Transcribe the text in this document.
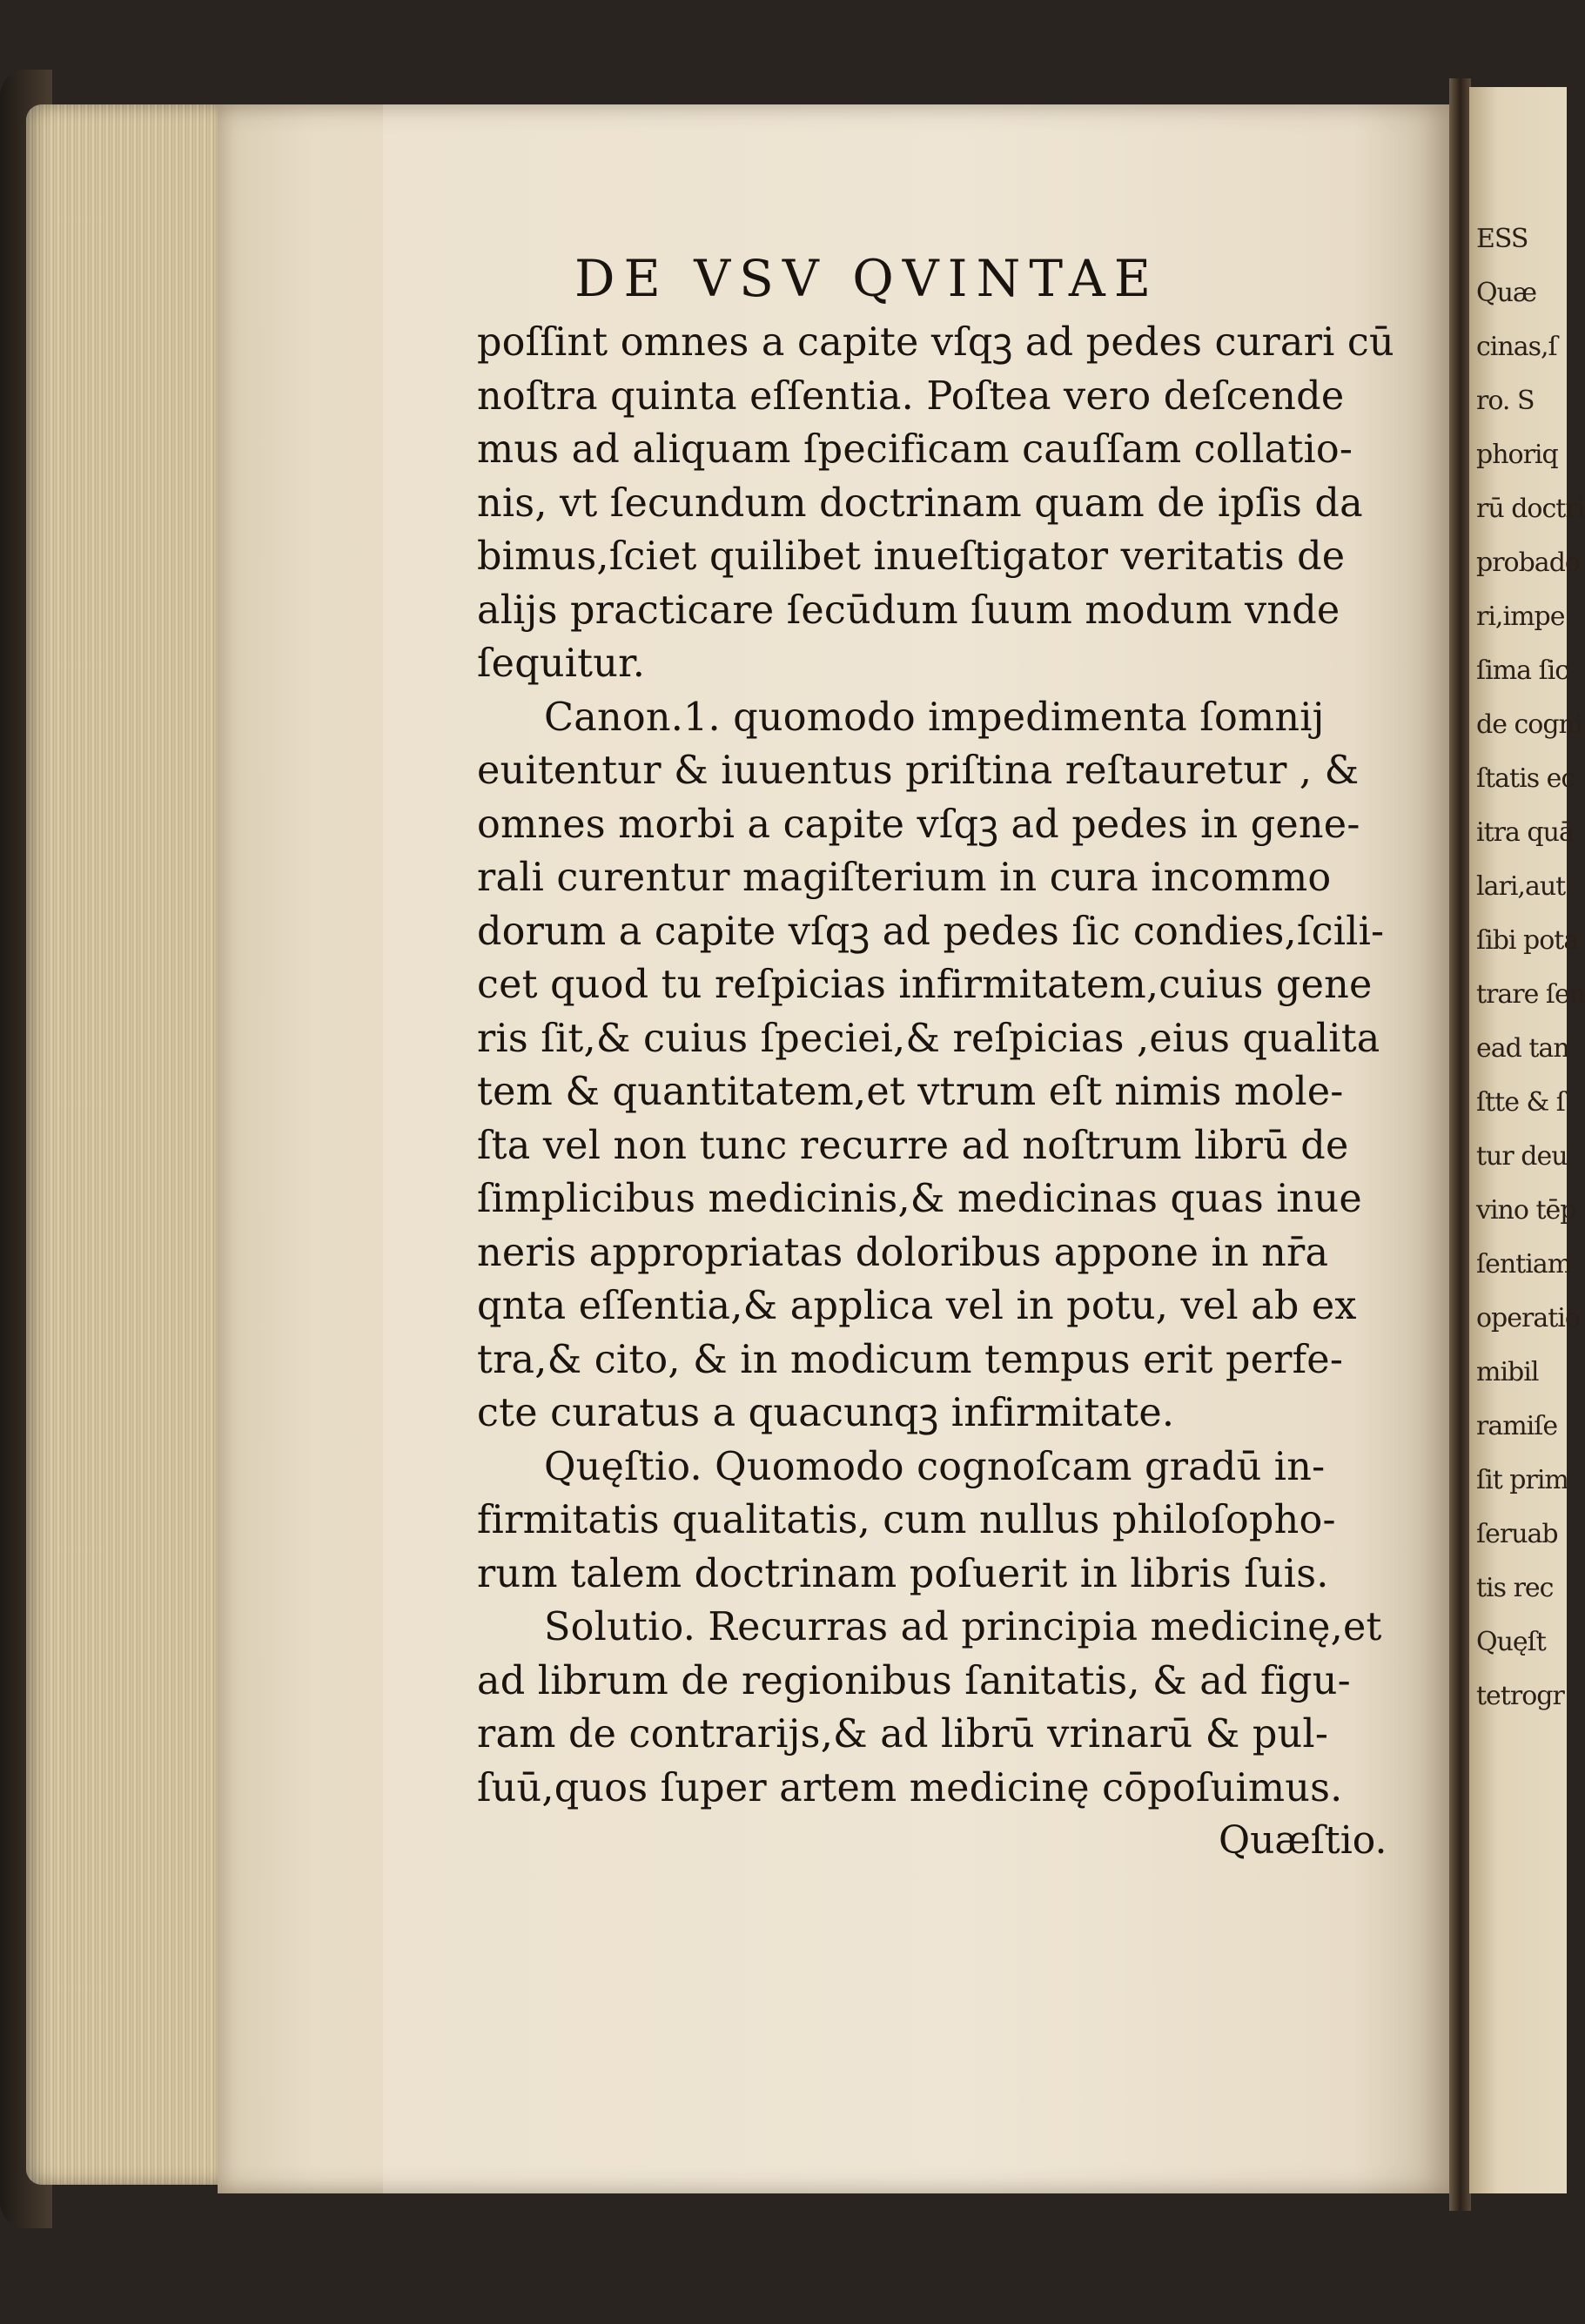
ESS
Quæ
cinas,ſ
ro. S
phoriq
rū doctri
probado
ri,impe
ſima ſic
de cogni
ſtatis ec
itra quā
lari,aut
ſibi pota
trare ſen
ead tan
ſtte & ſ
tur deu
vino tēp
ſentiam
operatio
mibil
ramiſe
ſit prim
ſeruab
tis rec
Quęſt
tetrogr
DE VSV QVINTAE
poſſint omnes a capite vſqꝫ ad pedes curari cū
noſtra quinta eſſentia. Poſtea vero deſcende
mus ad aliquam ſpecificam cauſſam collatio-
nis, vt ſecundum doctrinam quam de ipſis da
bimus,ſciet quilibet inueſtigator veritatis de
alijs practicare ſecūdum ſuum modum vnde
ſequitur.
Canon.1. quomodo impedimenta ſomnij
euitentur & iuuentus priſtina reſtauretur , &
omnes morbi a capite vſqꝫ ad pedes in gene-
rali curentur magiſterium in cura incommo
dorum a capite vſqꝫ ad pedes ſic condies,ſcili-
cet quod tu reſpicias infirmitatem,cuius gene
ris ſit,& cuius ſpeciei,& reſpicias ,eius qualita
tem & quantitatem,et vtrum eſt nimis mole-
ſta vel non tunc recurre ad noſtrum librū de
ſimplicibus medicinis,& medicinas quas inue
neris appropriatas doloribus appone in nr̄a
qnta eſſentia,& applica vel in potu, vel ab ex
tra,& cito, & in modicum tempus erit perfe-
cte curatus a quacunqꝫ infirmitate.
Quęſtio. Quomodo cognoſcam gradū in-
firmitatis qualitatis, cum nullus philoſopho-
rum talem doctrinam poſuerit in libris ſuis.
Solutio. Recurras ad principia medicinę,et
ad librum de regionibus ſanitatis, & ad figu-
ram de contrarijs,& ad librū vrinarū & pul-
ſuū,quos ſuper artem medicinę cōpoſuimus.
Quæſtio.
